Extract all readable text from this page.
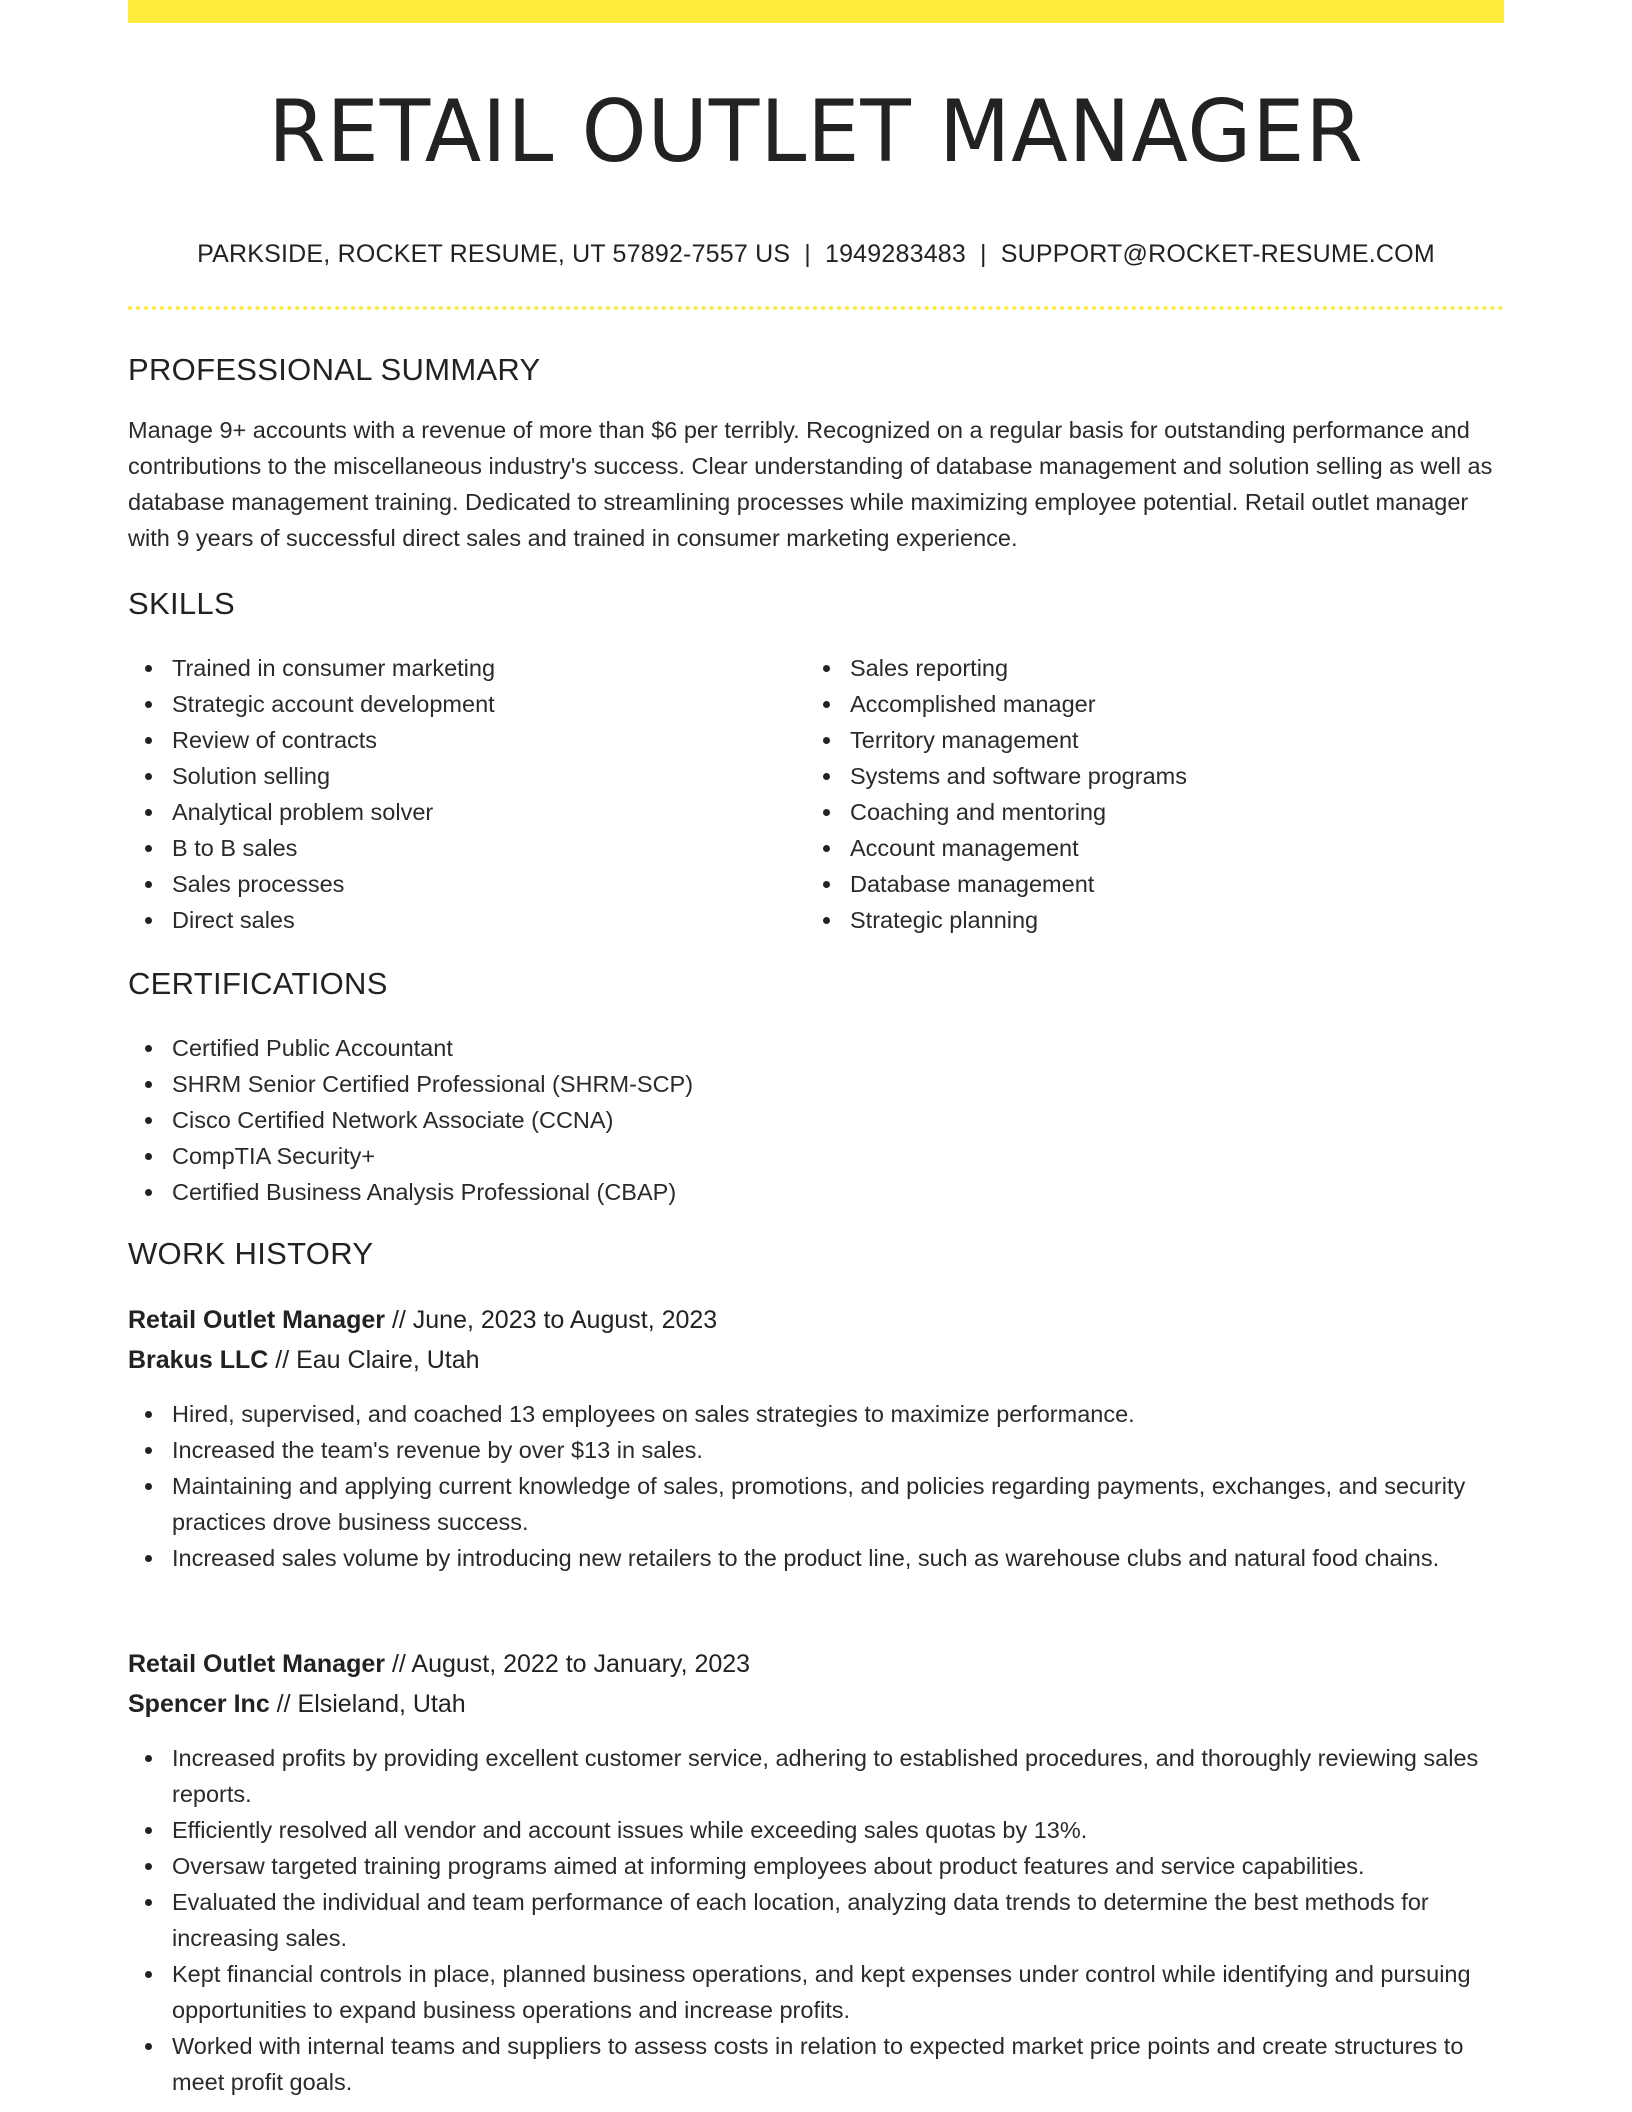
RETAIL OUTLET MANAGER
PARKSIDE, ROCKET RESUME, UT 57892-7557 US | 1949283483 | SUPPORT@ROCKET-RESUME.COM
PROFESSIONAL SUMMARY

Manage 9+ accounts with a revenue of more than $6 per terribly. Recognized on a regular basis for outstanding performance and contributions to the miscellaneous industry's success. Clear understanding of database management and solution selling as well as database management training. Dedicated to streamlining processes while maximizing employee potential. Retail outlet manager with 9 years of successful direct sales and trained in consumer marketing experience.

SKILLS
Trained in consumer marketing
Strategic account development
Review of contracts
Solution selling
Analytical problem solver
B to B sales
Sales processes
Direct sales
Sales reporting
Accomplished manager
Territory management
Systems and software programs
Coaching and mentoring
Account management
Database management
Strategic planning
CERTIFICATIONS
Certified Public Accountant
SHRM Senior Certified Professional (SHRM-SCP)
Cisco Certified Network Associate (CCNA)
CompTIA Security+
Certified Business Analysis Professional (CBAP)
WORK HISTORY
Retail Outlet Manager // June, 2023 to August, 2023
Brakus LLC // Eau Claire, Utah
Hired, supervised, and coached 13 employees on sales strategies to maximize performance.
Increased the team's revenue by over $13 in sales.
Maintaining and applying current knowledge of sales, promotions, and policies regarding payments, exchanges, and security practices drove business success.
Increased sales volume by introducing new retailers to the product line, such as warehouse clubs and natural food chains.
Retail Outlet Manager // August, 2022 to January, 2023
Spencer Inc // Elsieland, Utah
Increased profits by providing excellent customer service, adhering to established procedures, and thoroughly reviewing sales reports.
Efficiently resolved all vendor and account issues while exceeding sales quotas by 13%.
Oversaw targeted training programs aimed at informing employees about product features and service capabilities.
Evaluated the individual and team performance of each location, analyzing data trends to determine the best methods for increasing sales.
Kept financial controls in place, planned business operations, and kept expenses under control while identifying and pursuing opportunities to expand business operations and increase profits.
Worked with internal teams and suppliers to assess costs in relation to expected market price points and create structures to meet profit goals.
